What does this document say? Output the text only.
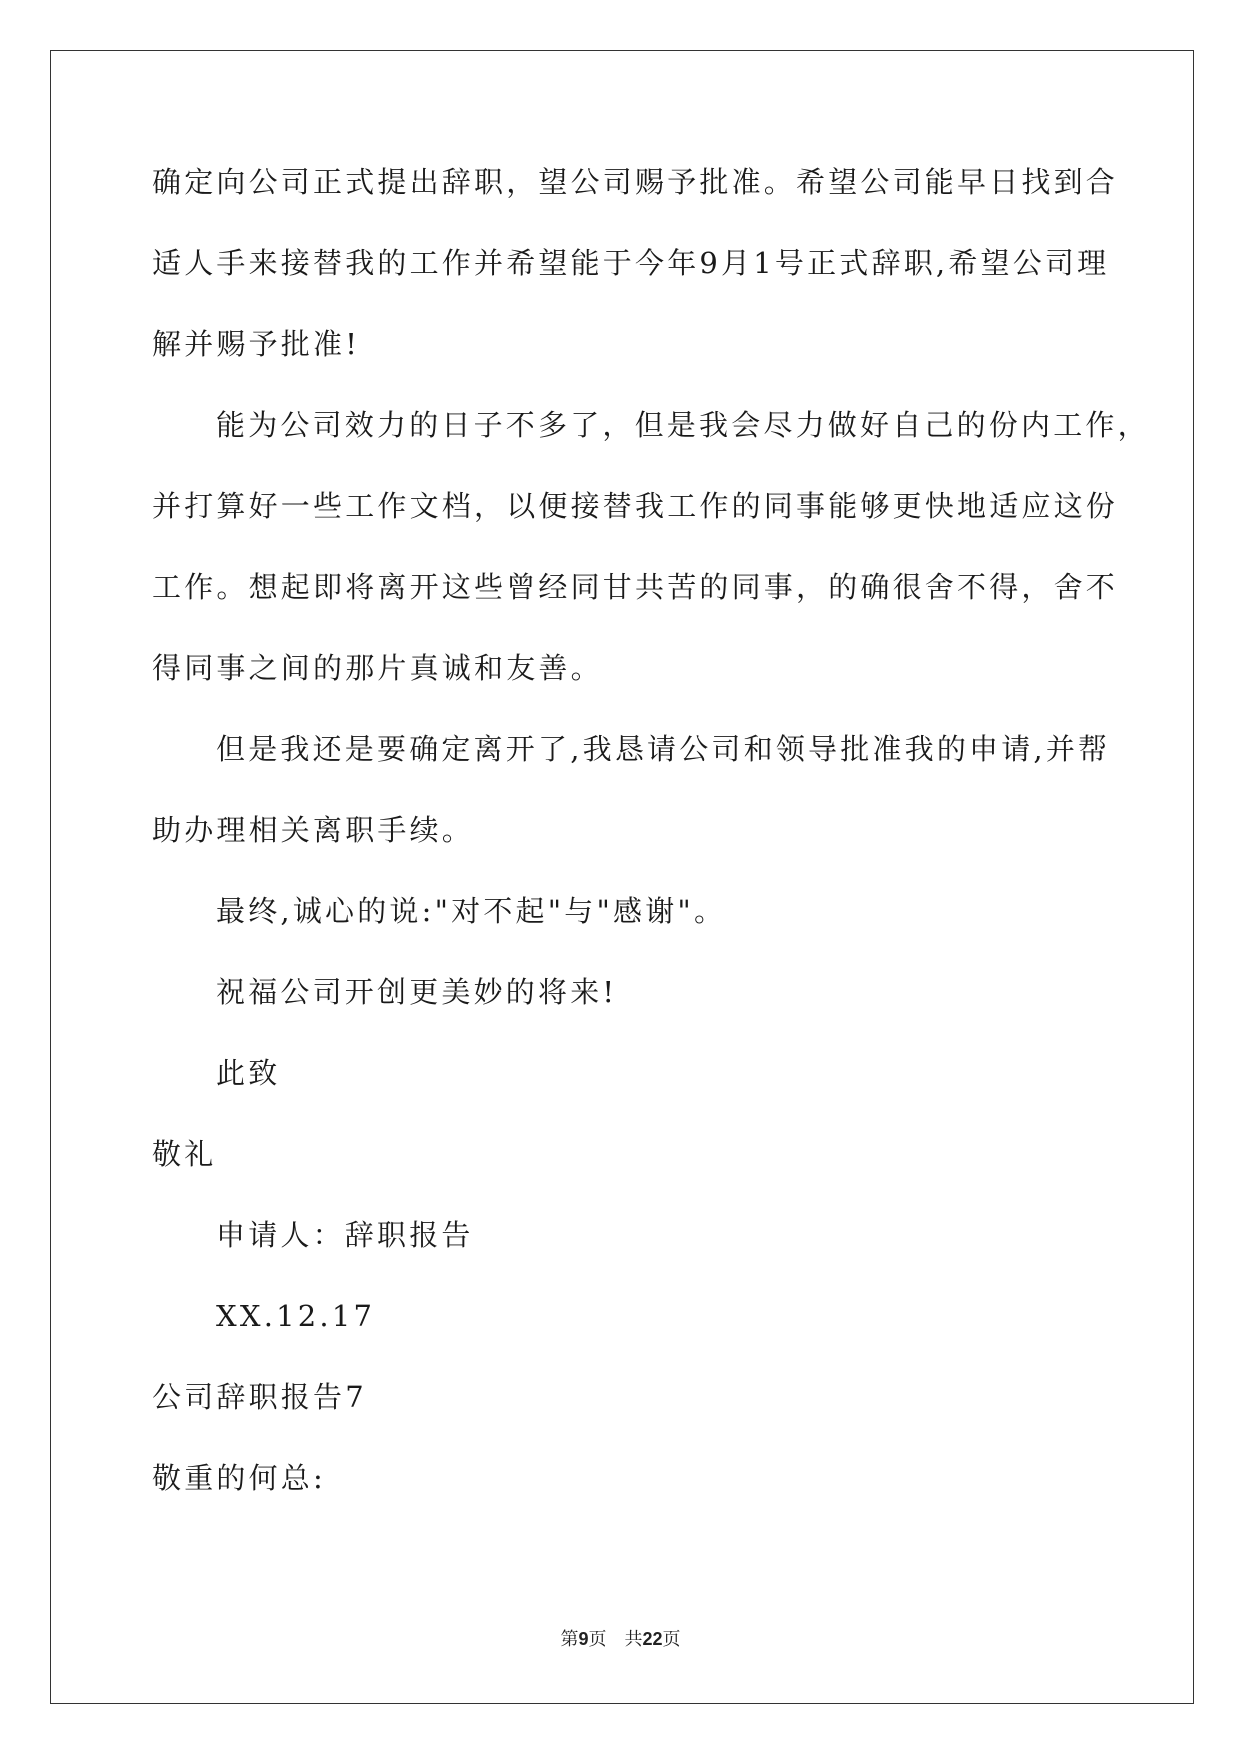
确定向公司正式提出辞职，望公司赐予批准。希望公司能早日找到合
适人手来接替我的工作并希望能于今年9月1号正式辞职,希望公司理
解并赐予批准!
能为公司效力的日子不多了，但是我会尽力做好自己的份内工作，
并打算好一些工作文档，以便接替我工作的同事能够更快地适应这份
工作。想起即将离开这些曾经同甘共苦的同事，的确很舍不得，舍不
得同事之间的那片真诚和友善。
但是我还是要确定离开了,我恳请公司和领导批准我的申请,并帮
助办理相关离职手续。
最终,诚心的说:"对不起"与"感谢"。
祝福公司开创更美妙的将来!
此致
敬礼
申请人：辞职报告
XX.12.17
公司辞职报告7
敬重的何总:
第9页　共22页
